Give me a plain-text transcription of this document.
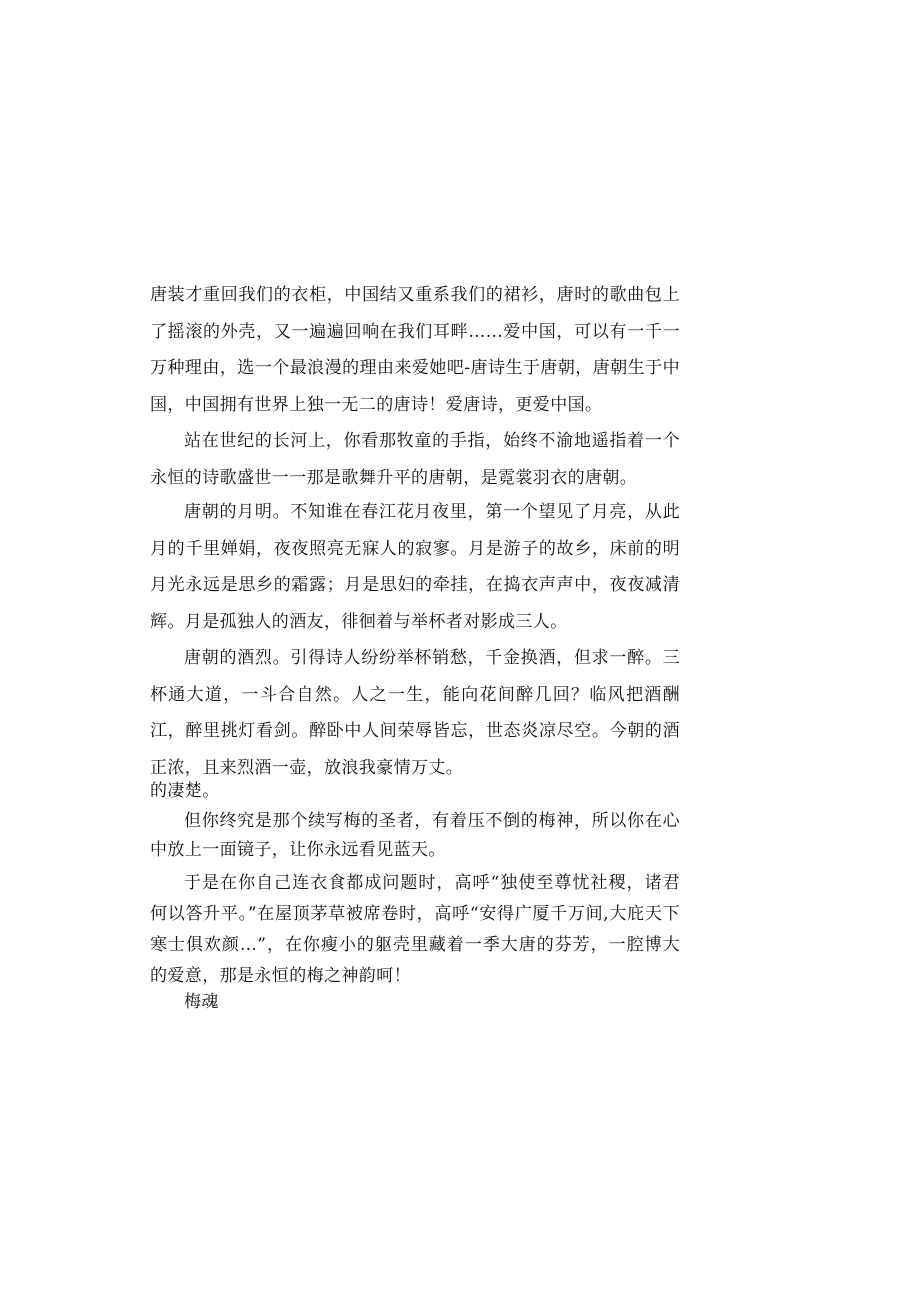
唐装才重回我们的衣柜，中国结又重系我们的裙衫，唐时的歌曲包上了摇滚的外壳，又一遍遍回响在我们耳畔……爱中国，可以有一千一万种理由，选一个最浪漫的理由来爱她吧-唐诗生于唐朝，唐朝生于中国，中国拥有世界上独一无二的唐诗！爱唐诗，更爱中国。

站在世纪的长河上，你看那牧童的手指，始终不渝地遥指着一个永恒的诗歌盛世一一那是歌舞升平的唐朝，是霓裳羽衣的唐朝。

唐朝的月明。不知谁在春江花月夜里，第一个望见了月亮，从此月的千里婵娟，夜夜照亮无寐人的寂寥。月是游子的故乡，床前的明月光永远是思乡的霜露；月是思妇的牵挂，在捣衣声声中，夜夜减清辉。月是孤独人的酒友，徘徊着与举杯者对影成三人。

唐朝的酒烈。引得诗人纷纷举杯销愁，千金换酒，但求一醉。三杯通大道，一斗合自然。人之一生，能向花间醉几回？临风把酒酬江，醉里挑灯看剑。醉卧中人间荣辱皆忘，世态炎凉尽空。今朝的酒正浓，且来烈酒一壶，放浪我豪情万丈。

的凄楚。

但你终究是那个续写梅的圣者，有着压不倒的梅神，所以你在心中放上一面镜子，让你永远看见蓝天。

于是在你自己连衣食都成问题时，高呼“独使至尊忧社稷，诸君何以答升平。”在屋顶茅草被席卷时，高呼“安得广厦千万间,大庇天下寒士俱欢颜…”，在你瘦小的躯壳里藏着一季大唐的芬芳，一腔博大的爱意，那是永恒的梅之神韵呵！

梅魂
